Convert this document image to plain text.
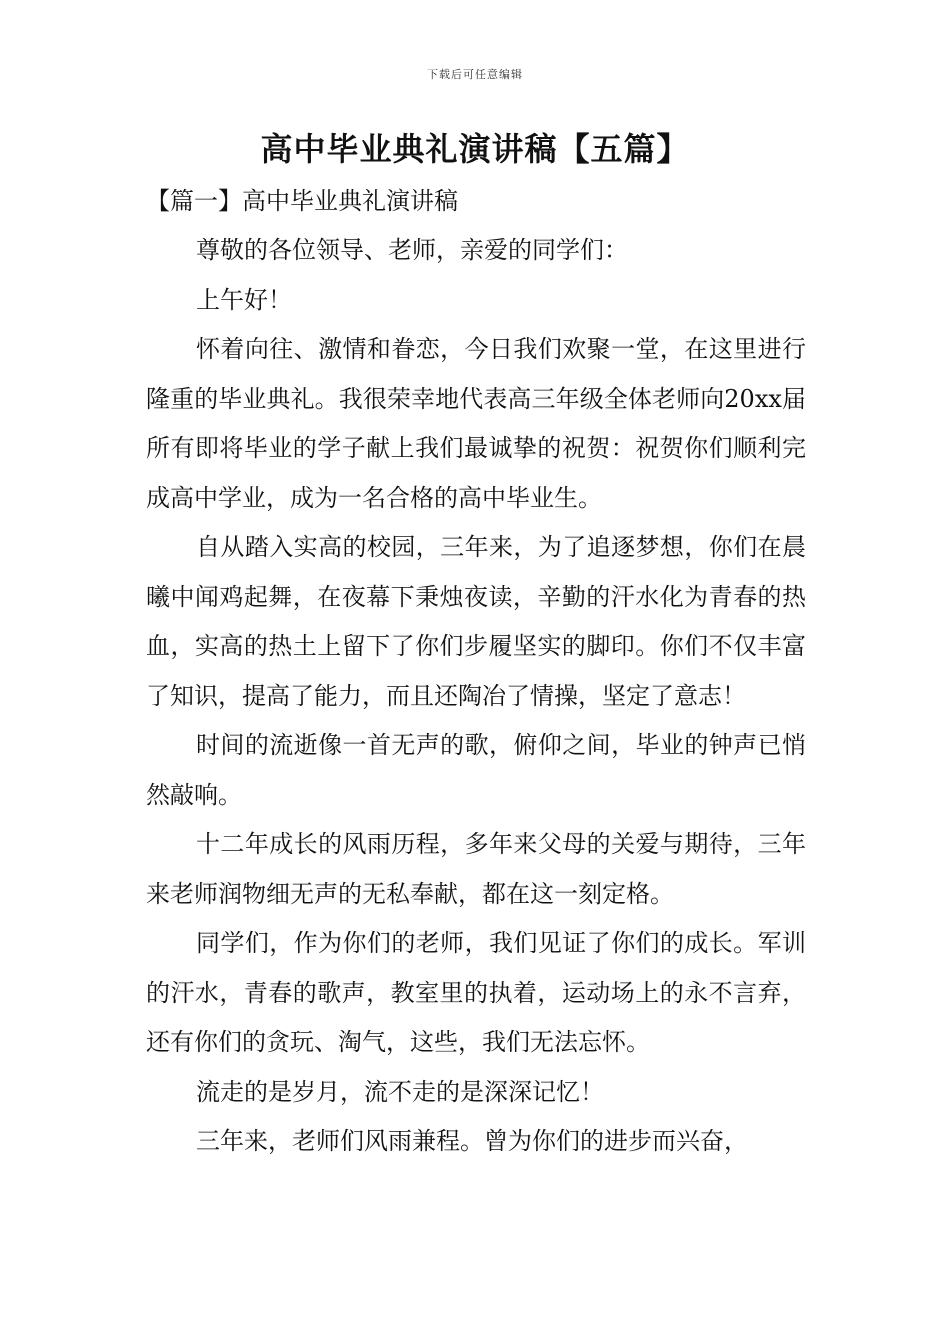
下载后可任意编辑
高中毕业典礼演讲稿【五篇】
【篇一】高中毕业典礼演讲稿

尊敬的各位领导、老师，亲爱的同学们：

上午好！

怀着向往、激情和眷恋，今日我们欢聚一堂，在这里进行隆重的毕业典礼。我很荣幸地代表高三年级全体老师向20xx届所有即将毕业的学子献上我们最诚挚的祝贺：祝贺你们顺利完成高中学业，成为一名合格的高中毕业生。

自从踏入实高的校园，三年来，为了追逐梦想，你们在晨曦中闻鸡起舞，在夜幕下秉烛夜读，辛勤的汗水化为青春的热血，实高的热土上留下了你们步履坚实的脚印。你们不仅丰富了知识，提高了能力，而且还陶冶了情操，坚定了意志！

时间的流逝像一首无声的歌，俯仰之间，毕业的钟声已悄然敲响。

十二年成长的风雨历程，多年来父母的关爱与期待，三年来老师润物细无声的无私奉献，都在这一刻定格。

同学们，作为你们的老师，我们见证了你们的成长。军训的汗水，青春的歌声，教室里的执着，运动场上的永不言弃，还有你们的贪玩、淘气，这些，我们无法忘怀。

流走的是岁月，流不走的是深深记忆！

三年来，老师们风雨兼程。曾为你们的进步而兴奋，
